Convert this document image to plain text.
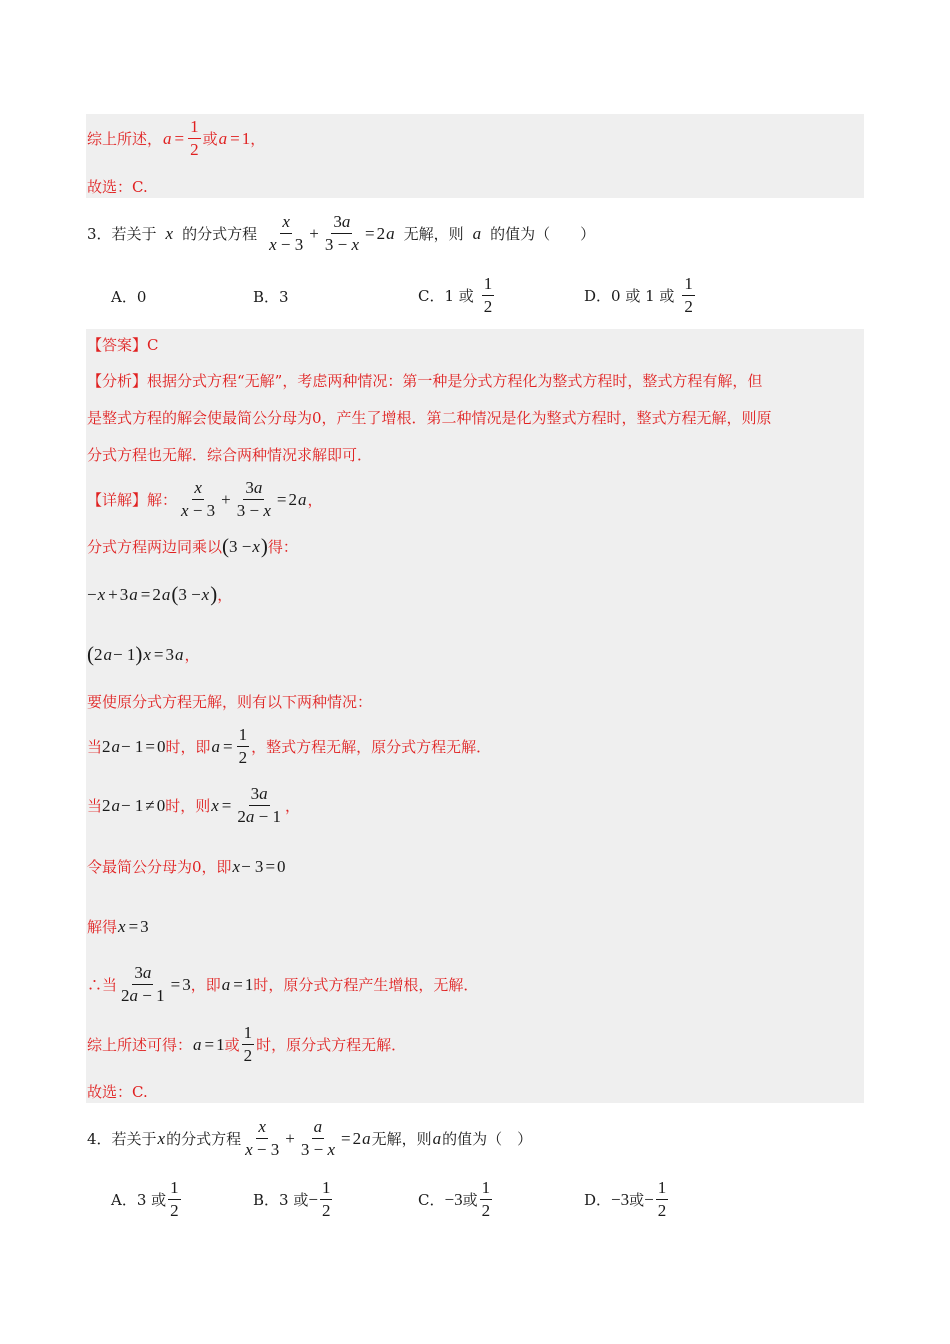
综上所述， $a = \frac{1}{2}$ 或 a = 1 ，
故选：C.
3．若关于 x 的分式方程 $\frac{x}{x - 3} + \frac{3a}{3 - x} = 2$ a 无解，则 a 的值为（　　）
A．0	B．3	C．1 或 $\frac{1}{2}$	D．0 或 1 或 $\frac{1}{2}$
【答案】C
【分析】根据分式方程“无解”，考虑两种情况：第一种是分式方程化为整式方程时，整式方程有解，但
是整式方程的解会使最简公分母为0，产生了增根．第二种情况是化为整式方程时，整式方程无解，则原
分式方程也无解．综合两种情况求解即可．
【详解】解： $\frac{x}{x - 3} + \frac{3a}{3 - x} = 2$ a ，
分式方程两边同乘以 ( 3 − x ) 得：
− x + 3 a = 2 a ( 3 − x ) ，
( 2 a − 1 ) x = 3 a ，
要使原分式方程无解，则有以下两种情况：
当 2 a − 1 = 0 时，即 $a = \frac{1}{2}$ ，整式方程无解，原分式方程无解．
当 2 a − 1 ≠ 0 时，则 $x = \frac{3a}{2a - 1}$ ，
令最简公分母为0，即 x − 3 = 0
解得 x = 3
∴当 $\frac{3a}{2a - 1} = 3$ ，即 a = 1 时，原分式方程产生增根，无解．
综上所述可得： a = 1 或 $\frac{1}{2}$ 时，原分式方程无解．
故选：C.
4．若关于 x 的分式方程 $\frac{x}{x - 3} + \frac{a}{3 - x} = 2$ a 无解，则 a 的值为（　）
A．3 或 $\frac{1}{2}$	B．3 或 − $\frac{1}{2}$	C． −3 或 $\frac{1}{2}$	D． −3 或 − $\frac{1}{2}$
